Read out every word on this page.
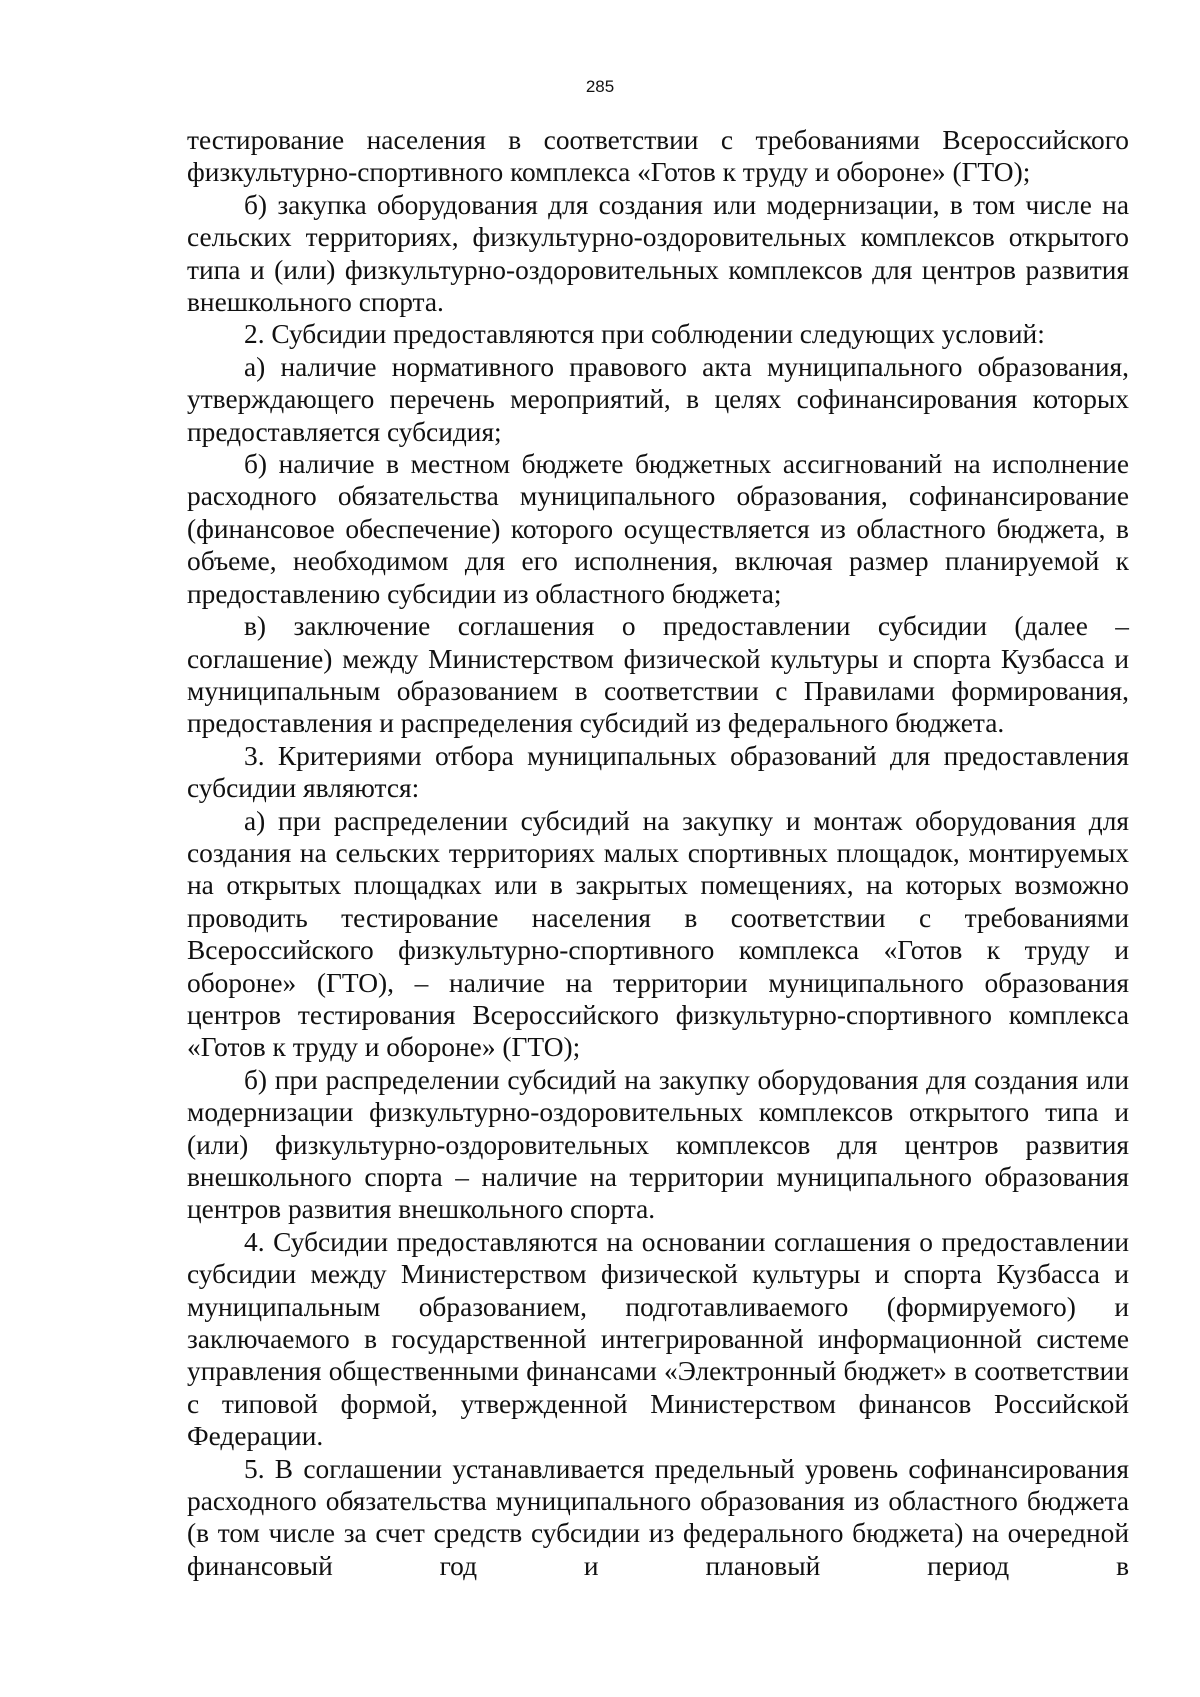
285

тестирование населения в соответствии с требованиями Всероссийского физкультурно-спортивного комплекса «Готов к труду и обороне» (ГТО);

б) закупка оборудования для создания или модернизации, в том числе на сельских территориях, физкультурно-оздоровительных комплексов открытого типа и (или) физкультурно-оздоровительных комплексов для центров развития внешкольного спорта.

2. Субсидии предоставляются при соблюдении следующих условий:

а) наличие нормативного правового акта муниципального образования, утверждающего перечень мероприятий, в целях софинансирования которых предоставляется субсидия;

б) наличие в местном бюджете бюджетных ассигнований на исполнение расходного обязательства муниципального образования, софинансирование (финансовое обеспечение) которого осуществляется из областного бюджета, в объеме, необходимом для его исполнения, включая размер планируемой к предоставлению субсидии из областного бюджета;

в) заключение соглашения о предоставлении субсидии (далее – соглашение) между Министерством физической культуры и спорта Кузбасса и муниципальным образованием в соответствии с Правилами формирования, предоставления и распределения субсидий из федерального бюджета.

3. Критериями отбора муниципальных образований для предоставления субсидии являются:

а) при распределении субсидий на закупку и монтаж оборудования для создания на сельских территориях малых спортивных площадок, монтируемых на открытых площадках или в закрытых помещениях, на которых возможно проводить тестирование населения в соответствии с требованиями Всероссийского физкультурно-спортивного комплекса «Готов к труду и обороне» (ГТО), – наличие на территории муниципального образования центров тестирования Всероссийского физкультурно-спортивного комплекса «Готов к труду и обороне» (ГТО);

б) при распределении субсидий на закупку оборудования для создания или модернизации физкультурно-оздоровительных комплексов открытого типа и (или) физкультурно-оздоровительных комплексов для центров развития внешкольного спорта – наличие на территории муниципального образования центров развития внешкольного спорта.

4. Субсидии предоставляются на основании соглашения о предоставлении субсидии между Министерством физической культуры и спорта Кузбасса и муниципальным образованием, подготавливаемого (формируемого) и заключаемого в государственной интегрированной информационной системе управления общественными финансами «Электронный бюджет» в соответствии с типовой формой, утвержденной Министерством финансов Российской Федерации.

5. В соглашении устанавливается предельный уровень софинансирования расходного обязательства муниципального образования из областного бюджета (в том числе за счет средств субсидии из федерального бюджета) на очередной финансовый год и плановый период в
